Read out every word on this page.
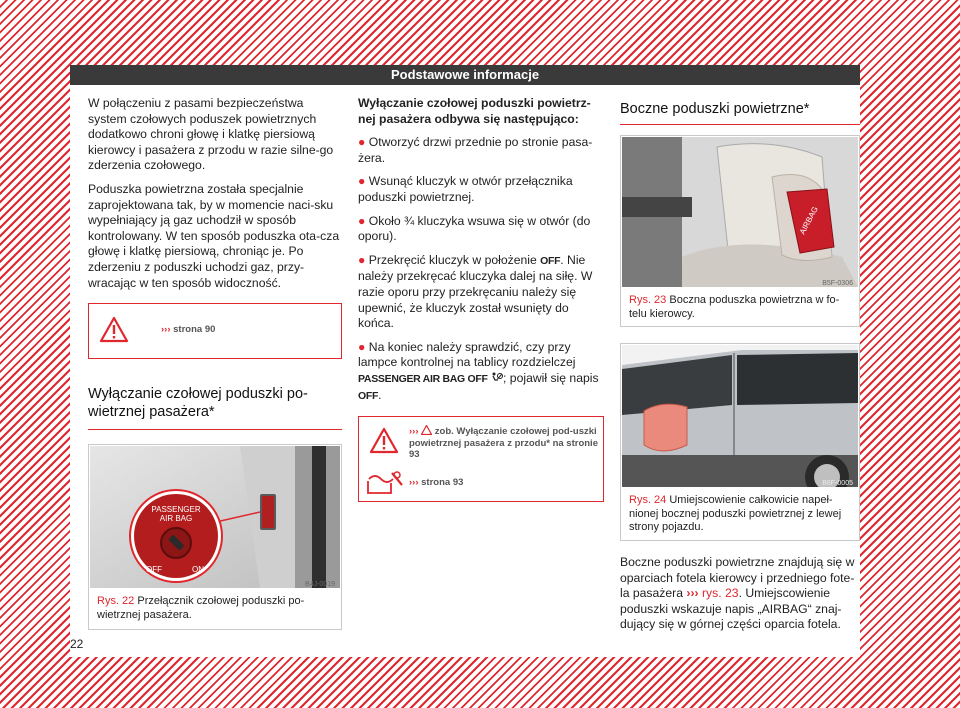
Podstawowe informacje

W połączeniu z pasami bezpieczeństwa system czołowych poduszek powietrznych dodatkowo chroni głowę i klatkę piersiową kierowcy i pasażera z przodu w razie silne-go zderzenia czołowego.

Poduszka powietrzna została specjalnie zaprojektowana tak, by w momencie naci-sku wypełniający ją gaz uchodził w sposób kontrolowany. W ten sposób poduszka ota-cza głowę i klatkę piersiową, chroniąc je. Po zderzeniu z poduszki uchodzi gaz, przy-wracając w ten sposób widoczność.

››› strona 90
Wyłączanie czołowej poduszki po-wietrznej pasażera*
PASSENGER
AIR BAG
OFF	ON
B4J-0019
Rys. 22 Przełącznik czołowej poduszki po-wietrznej pasażera.

Wyłączanie czołowej poduszki powietrz-nej pasażera odbywa się następująco:

● Otworzyć drzwi przednie po stronie pasa-żera.

● Wsunąć kluczyk w otwór przełącznika poduszki powietrznej.

● Około ¾ kluczyka wsuwa się w otwór (do oporu).

● Przekręcić kluczyk w położenie OFF. Nie należy przekręcać kluczyka dalej na siłę. W razie oporu przy przekręcaniu należy się upewnić, że kluczyk został wsunięty do końca.

● Na koniec należy sprawdzić, czy przy lampce kontrolnej na tablicy rozdzielczej PASSENGER AIR BAG OFF ; pojawił się napis OFF.

››› zob. Wyłączanie czołowej pod-uszki powietrznej pasażera z przodu* na stronie 93
››› strona 93
Boczne poduszki powietrzne*
AIRBAG
B5F-0306
Rys. 23 Boczna poduszka powietrzna w fo-telu kierowcy.
B6F-0005
Rys. 24 Umiejscowienie całkowicie napeł-nionej bocznej poduszki powietrznej z lewej strony pojazdu.

Boczne poduszki powietrzne znajdują się w oparciach fotela kierowcy i przedniego fote-la pasażera ››› rys. 23. Umiejscowienie poduszki wskazuje napis „AIRBAG“ znaj-dujący się w górnej części oparcia fotela.

22
